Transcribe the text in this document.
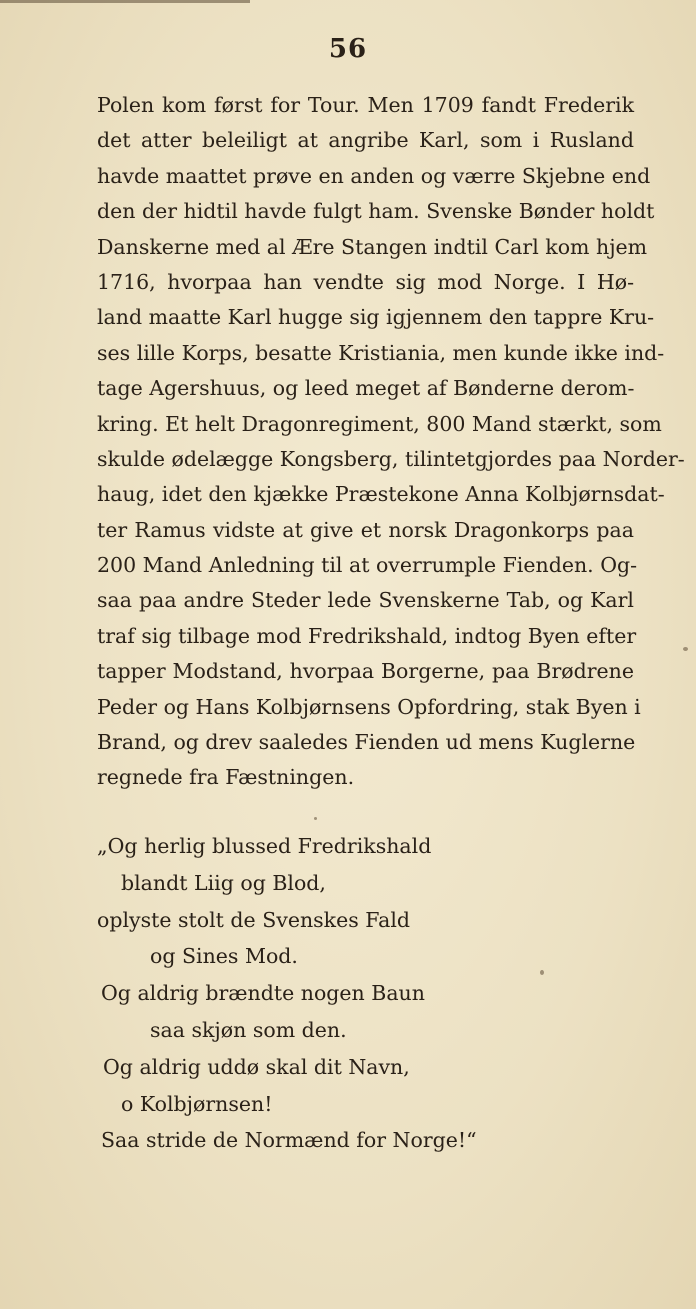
56
Polen kom først for Tour. Men 1709 fandt Frederik
det atter beleiligt at angribe Karl, som i Rusland
havde maattet prøve en anden og værre Skjebne end
den der hidtil havde fulgt ham. Svenske Bønder holdt
Danskerne med al Ære Stangen indtil Carl kom hjem
1716, hvorpaa han vendte sig mod Norge. I Hø-
land maatte Karl hugge sig igjennem den tappre Kru-
ses lille Korps, besatte Kristiania, men kunde ikke ind-
tage Agershuus, og leed meget af Bønderne derom-
kring. Et helt Dragonregiment, 800 Mand stærkt, som
skulde ødelægge Kongsberg, tilintetgjordes paa Norder-
haug, idet den kjække Præstekone Anna Kolbjørnsdat-
ter Ramus vidste at give et norsk Dragonkorps paa
200 Mand Anledning til at overrumple Fienden. Og-
saa paa andre Steder lede Svenskerne Tab, og Karl
traf sig tilbage mod Fredrikshald, indtog Byen efter
tapper Modstand, hvorpaa Borgerne, paa Brødrene
Peder og Hans Kolbjørnsens Opfordring, stak Byen i
Brand, og drev saaledes Fienden ud mens Kuglerne
regnede fra Fæstningen.
„Og herlig blussed Fredrikshald
blandt Liig og Blod,
oplyste stolt de Svenskes Fald
og Sines Mod.
Og aldrig brændte nogen Baun
saa skjøn som den.
Og aldrig uddø skal dit Navn,
o Kolbjørnsen!
Saa stride de Normænd for Norge!“
